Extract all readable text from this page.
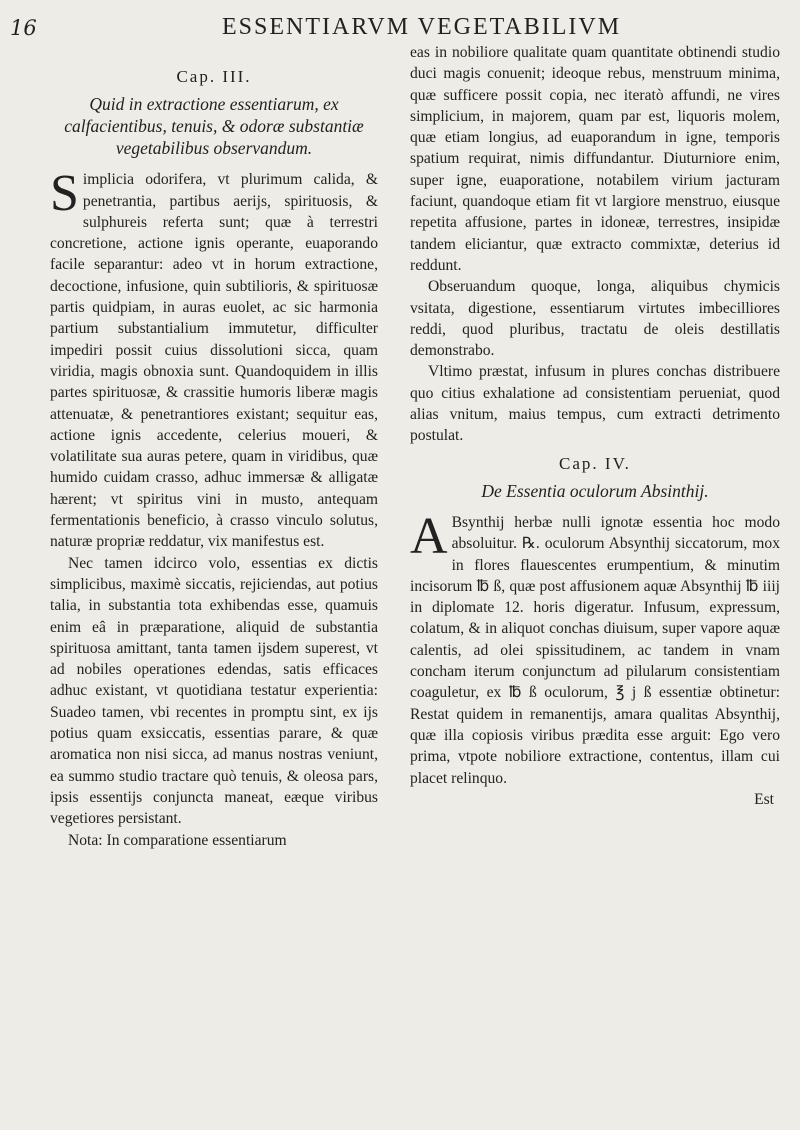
16	ESSENTIARVM VEGETABILIVM
Cap. III.
Quid in extractione essentiarum, ex calfacientibus, tenuis, & odoræ substantiæ vegetabilibus observandum.

Simplicia odorifera, vt plurimum calida, & penetrantia, partibus aerijs, spirituosis, & sulphureis referta sunt; quæ à terrestri concretione, actione ignis operante, euaporando facile separantur: adeo vt in horum extractione, decoctione, infusione, quin subtilioris, & spirituosæ partis quidpiam, in auras euolet, ac sic harmonia partium substantialium immutetur, difficulter impediri possit cuius dissolutioni sicca, quam viridia, magis obnoxia sunt. Quandoquidem in illis partes spirituosæ, & crassitie humoris liberæ magis attenuatæ, & penetrantiores existant; sequitur eas, actione ignis accedente, celerius moueri, & volatilitate sua auras petere, quam in viridibus, quæ humido cuidam crasso, adhuc immersæ & alligatæ hærent; vt spiritus vini in musto, antequam fermentationis beneficio, à crasso vinculo solutus, naturæ propriæ reddatur, vix manifestus est.

Nec tamen idcirco volo, essentias ex dictis simplicibus, maximè siccatis, rejiciendas, aut potius talia, in substantia tota exhibendas esse, quamuis enim eâ in præparatione, aliquid de substantia spirituosa amittant, tanta tamen ijsdem superest, vt ad nobiles operationes edendas, satis efficaces adhuc existant, vt quotidiana testatur experientia: Suadeo tamen, vbi recentes in promptu sint, ex ijs potius quam exsiccatis, essentias parare, & quæ aromatica non nisi sicca, ad manus nostras veniunt, ea summo studio tractare quò tenuis, & oleosa pars, ipsis essentijs conjuncta maneat, eæque viribus vegetiores persistant.

Nota: In comparatione essentiarum

eas in nobiliore qualitate quam quantitate obtinendi studio duci magis conuenit; ideoque rebus, menstruum minima, quæ sufficere possit copia, nec iteratò affundi, ne vires simplicium, in majorem, quam par est, liquoris molem, quæ etiam longius, ad euaporandum in igne, temporis spatium requirat, nimis diffundantur. Diuturniore enim, super igne, euaporatione, notabilem virium jacturam faciunt, quandoque etiam fit vt largiore menstruo, eiusque repetita affusione, partes in idoneæ, terrestres, insipidæ tandem eliciantur, quæ extracto commixtæ, deterius id reddunt.

Obseruandum quoque, longa, aliquibus chymicis vsitata, digestione, essentiarum virtutes imbecilliores reddi, quod pluribus, tractatu de oleis destillatis demonstrabo.

Vltimo præstat, infusum in plures conchas distribuere quo citius exhalatione ad consistentiam perueniat, quod alias vnitum, maius tempus, cum extracti detrimento postulat.

Cap. IV.
De Essentia oculorum Absinthij.

A Bsynthij herbæ nulli ignotæ essentia hoc modo absoluitur. ℞. oculorum Absynthij siccatorum, mox in flores flauescentes erumpentium, & minutim incisorum ℔ ß, quæ post affusionem aquæ Absynthij ℔ iiij in diplomate 12. horis digeratur. Infusum, expressum, colatum, & in aliquot conchas diuisum, super vapore aquæ calentis, ad olei spissitudinem, ac tandem in vnam concham iterum conjunctum ad pilularum consistentiam coaguletur, ex ℔ ß oculorum, ℥ j ß essentiæ obtinetur: Restat quidem in remanentijs, amara qualitas Absynthij, quæ illa copiosis viribus prædita esse arguit: Ego vero prima, vtpote nobiliore extractione, contentus, illam cui placet relinquo.

Est
